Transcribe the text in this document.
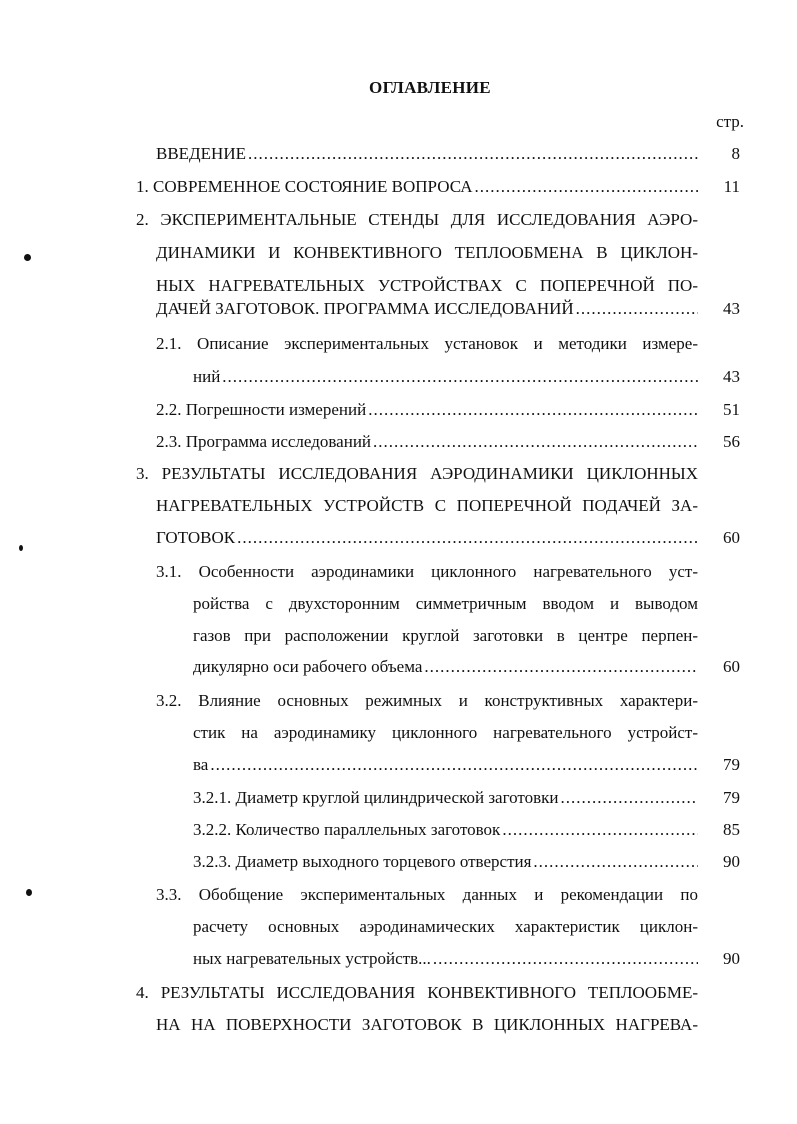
ОГЛАВЛЕНИЕ
стр.
ВВЕДЕНИЕ .....	8
1. СОВРЕМЕННОЕ СОСТОЯНИЕ ВОПРОСА .....	11
2. ЭКСПЕРИМЕНТАЛЬНЫЕ СТЕНДЫ ДЛЯ ИССЛЕДОВАНИЯ АЭРО-
ДИНАМИКИ И КОНВЕКТИВНОГО ТЕПЛООБМЕНА В ЦИКЛОН-
НЫХ НАГРЕВАТЕЛЬНЫХ УСТРОЙСТВАХ С ПОПЕРЕЧНОЙ ПО-
ДАЧЕЙ ЗАГОТОВОК. ПРОГРАММА ИССЛЕДОВАНИЙ .....	43
2.1. Описание экспериментальных установок и методики измере-
ний .....	43
2.2. Погрешности измерений .....	51
2.3. Программа исследований .....	56
3. РЕЗУЛЬТАТЫ ИССЛЕДОВАНИЯ АЭРОДИНАМИКИ ЦИКЛОННЫХ
НАГРЕВАТЕЛЬНЫХ УСТРОЙСТВ С ПОПЕРЕЧНОЙ ПОДАЧЕЙ ЗА-
ГОТОВОК .....	60
3.1. Особенности аэродинамики циклонного нагревательного уст-
ройства с двухсторонним симметричным вводом и выводом
газов при расположении круглой заготовки в центре перпен-
дикулярно оси рабочего объема .....	60
3.2. Влияние основных режимных и конструктивных характери-
стик на аэродинамику циклонного нагревательного устройст-
ва .....	79
3.2.1. Диаметр круглой цилиндрической заготовки .....	79
3.2.2. Количество параллельных заготовок .....	85
3.2.3. Диаметр выходного торцевого отверстия .....	90
3.3. Обобщение экспериментальных данных и рекомендации по
расчету основных аэродинамических характеристик циклон-
ных нагревательных устройств... .....	90
4. РЕЗУЛЬТАТЫ ИССЛЕДОВАНИЯ КОНВЕКТИВНОГО ТЕПЛООБМЕ-
НА НА ПОВЕРХНОСТИ ЗАГОТОВОК В ЦИКЛОННЫХ НАГРЕВА-
